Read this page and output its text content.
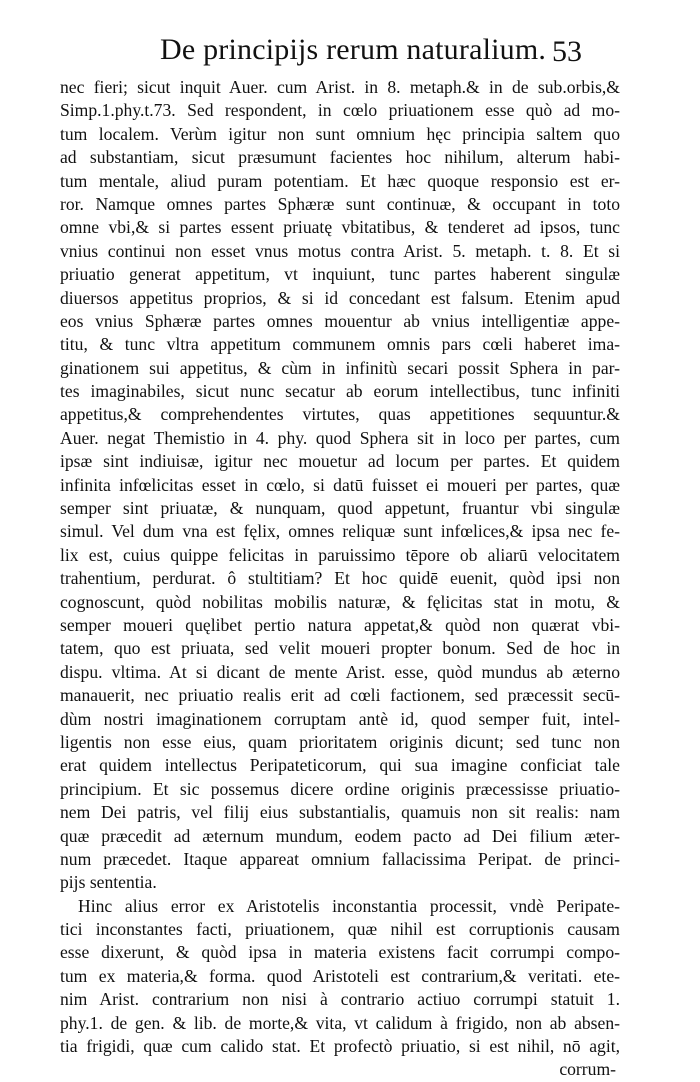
De principijs rerum naturalium. 53
nec fieri; sicut inquit Auer. cum Arist. in 8. metaph.& in de sub.orbis,&
Simp.1.phy.t.73. Sed respondent, in cœlo priuationem esse quò ad mo-
tum localem. Verùm igitur non sunt omnium hęc principia saltem quo
ad substantiam, sicut præsumunt facientes hoc nihilum, alterum habi-
tum mentale, aliud puram potentiam. Et hæc quoque responsio est er-
ror. Namque omnes partes Sphæræ sunt continuæ, & occupant in toto
omne vbi,& si partes essent priuatę vbitatibus, & tenderet ad ipsos, tunc
vnius continui non esset vnus motus contra Arist. 5. metaph. t. 8. Et si
priuatio generat appetitum, vt inquiunt, tunc partes haberent singulæ
diuersos appetitus proprios, & si id concedant est falsum. Etenim apud
eos vnius Sphæræ partes omnes mouentur ab vnius intelligentiæ appe-
titu, & tunc vltra appetitum communem omnis pars cœli haberet ima-
ginationem sui appetitus, & cùm in infinitù secari possit Sphera in par-
tes imaginabiles, sicut nunc secatur ab eorum intellectibus, tunc infiniti
appetitus,& comprehendentes virtutes, quas appetitiones sequuntur.&
Auer. negat Themistio in 4. phy. quod Sphera sit in loco per partes, cum
ipsæ sint indiuisæ, igitur nec mouetur ad locum per partes. Et quidem
infinita infœlicitas esset in cœlo, si datū fuisset ei moueri per partes, quæ
semper sint priuatæ, & nunquam, quod appetunt, fruantur vbi singulæ
simul. Vel dum vna est fęlix, omnes reliquæ sunt infœlices,& ipsa nec fe-
lix est, cuius quippe felicitas in paruissimo tēpore ob aliarū velocitatem
trahentium, perdurat. ô stultitiam? Et hoc quidē euenit, quòd ipsi non
cognoscunt, quòd nobilitas mobilis naturæ, & fęlicitas stat in motu, &
semper moueri quęlibet pertio natura appetat,& quòd non quærat vbi-
tatem, quo est priuata, sed velit moueri propter bonum. Sed de hoc in
dispu. vltima. At si dicant de mente Arist. esse, quòd mundus ab æterno
manauerit, nec priuatio realis erit ad cœli factionem, sed præcessit secū-
dùm nostri imaginationem corruptam antè id, quod semper fuit, intel-
ligentis non esse eius, quam prioritatem originis dicunt; sed tunc non
erat quidem intellectus Peripateticorum, qui sua imagine conficiat tale
principium. Et sic possemus dicere ordine originis præcessisse priuatio-
nem Dei patris, vel filij eius substantialis, quamuis non sit realis: nam
quæ præcedit ad æternum mundum, eodem pacto ad Dei filium æter-
num præcedet. Itaque appareat omnium fallacissima Peripat. de princi-
pijs sententia.
Hinc alius error ex Aristotelis inconstantia processit, vndè Peripate-
tici inconstantes facti, priuationem, quæ nihil est corruptionis causam
esse dixerunt, & quòd ipsa in materia existens facit corrumpi compo-
tum ex materia,& forma. quod Aristoteli est contrarium,& veritati. ete-
nim Arist. contrarium non nisi à contrario actiuo corrumpi statuit 1.
phy.1. de gen. & lib. de morte,& vita, vt calidum à frigido, non ab absen-
tia frigidi, quæ cum calido stat. Et profectò priuatio, si est nihil, nō agit,
corrum-
